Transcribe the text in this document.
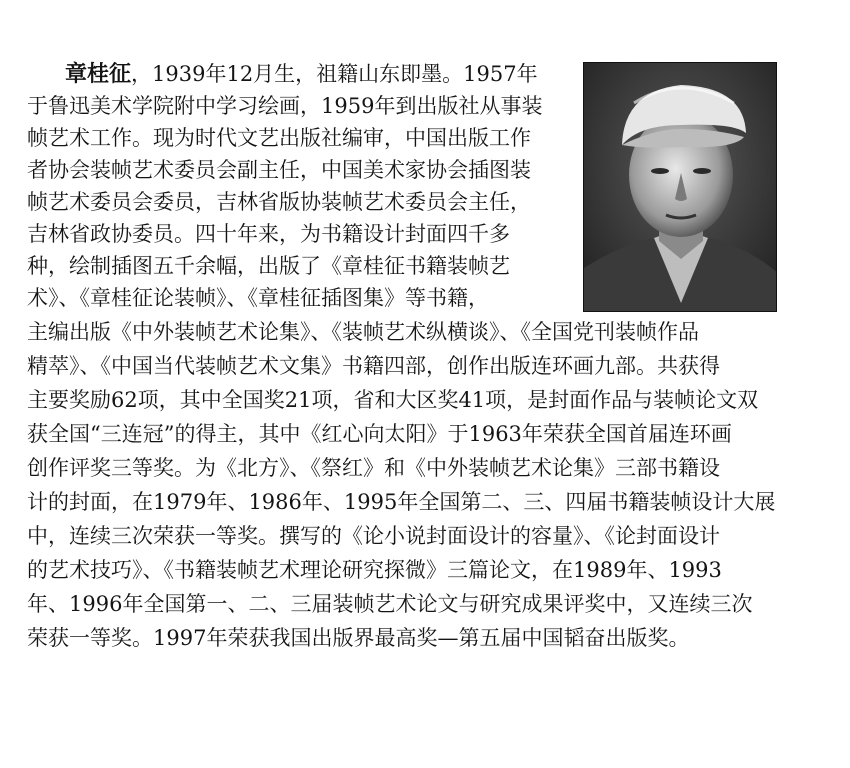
章桂征，1939年12月生，祖籍山东即墨。1957年
于鲁迅美术学院附中学习绘画，1959年到出版社从事装
帧艺术工作。现为时代文艺出版社编审，中国出版工作
者协会装帧艺术委员会副主任，中国美术家协会插图装
帧艺术委员会委员，吉林省版协装帧艺术委员会主任，
吉林省政协委员。四十年来，为书籍设计封面四千多
种，绘制插图五千余幅，出版了《章桂征书籍装帧艺
术》、《章桂征论装帧》、《章桂征插图集》等书籍，
主编出版《中外装帧艺术论集》、《装帧艺术纵横谈》、《全国党刊装帧作品
精萃》、《中国当代装帧艺术文集》书籍四部，创作出版连环画九部。共获得
主要奖励62项，其中全国奖21项，省和大区奖41项，是封面作品与装帧论文双
获全国“三连冠”的得主，其中《红心向太阳》于1963年荣获全国首届连环画
创作评奖三等奖。为《北方》、《祭红》和《中外装帧艺术论集》三部书籍设
计的封面，在1979年、1986年、1995年全国第二、三、四届书籍装帧设计大展
中，连续三次荣获一等奖。撰写的《论小说封面设计的容量》、《论封面设计
的艺术技巧》、《书籍装帧艺术理论研究探微》三篇论文，在1989年、1993
年、1996年全国第一、二、三届装帧艺术论文与研究成果评奖中，又连续三次
荣获一等奖。1997年荣获我国出版界最高奖—第五届中国韬奋出版奖。
